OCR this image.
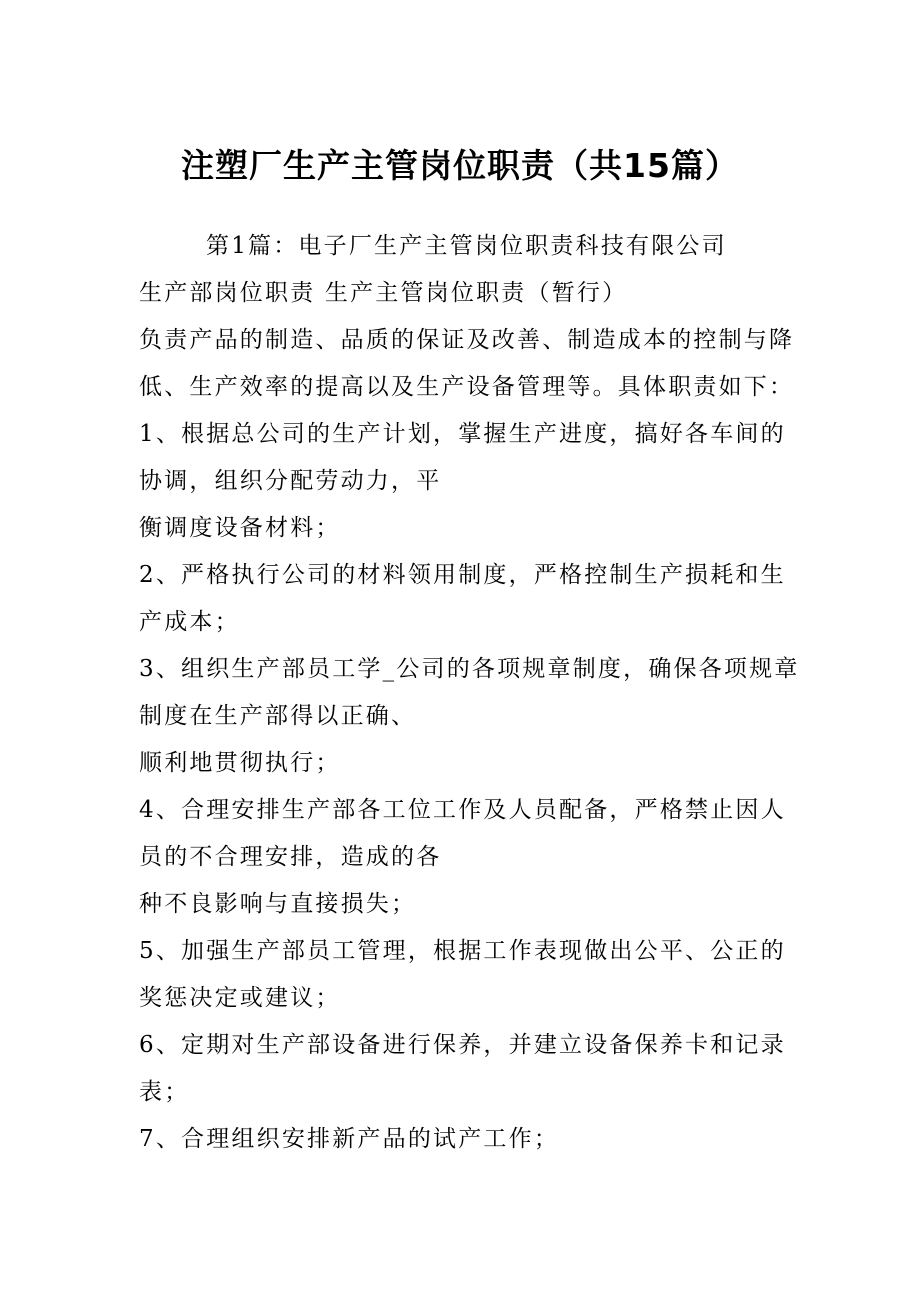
注塑厂生产主管岗位职责（共15篇）
第1篇：电子厂生产主管岗位职责科技有限公司
生产部岗位职责 生产主管岗位职责（暂行）
负责产品的制造、品质的保证及改善、制造成本的控制与降
低、生产效率的提高以及生产设备管理等。具体职责如下：
1、根据总公司的生产计划，掌握生产进度，搞好各车间的
协调，组织分配劳动力，平
衡调度设备材料；
2、严格执行公司的材料领用制度，严格控制生产损耗和生
产成本；
3、组织生产部员工学_公司的各项规章制度，确保各项规章
制度在生产部得以正确、
顺利地贯彻执行；
4、合理安排生产部各工位工作及人员配备，严格禁止因人
员的不合理安排，造成的各
种不良影响与直接损失；
5、加强生产部员工管理，根据工作表现做出公平、公正的
奖惩决定或建议；
6、定期对生产部设备进行保养，并建立设备保养卡和记录
表；
7、合理组织安排新产品的试产工作；
